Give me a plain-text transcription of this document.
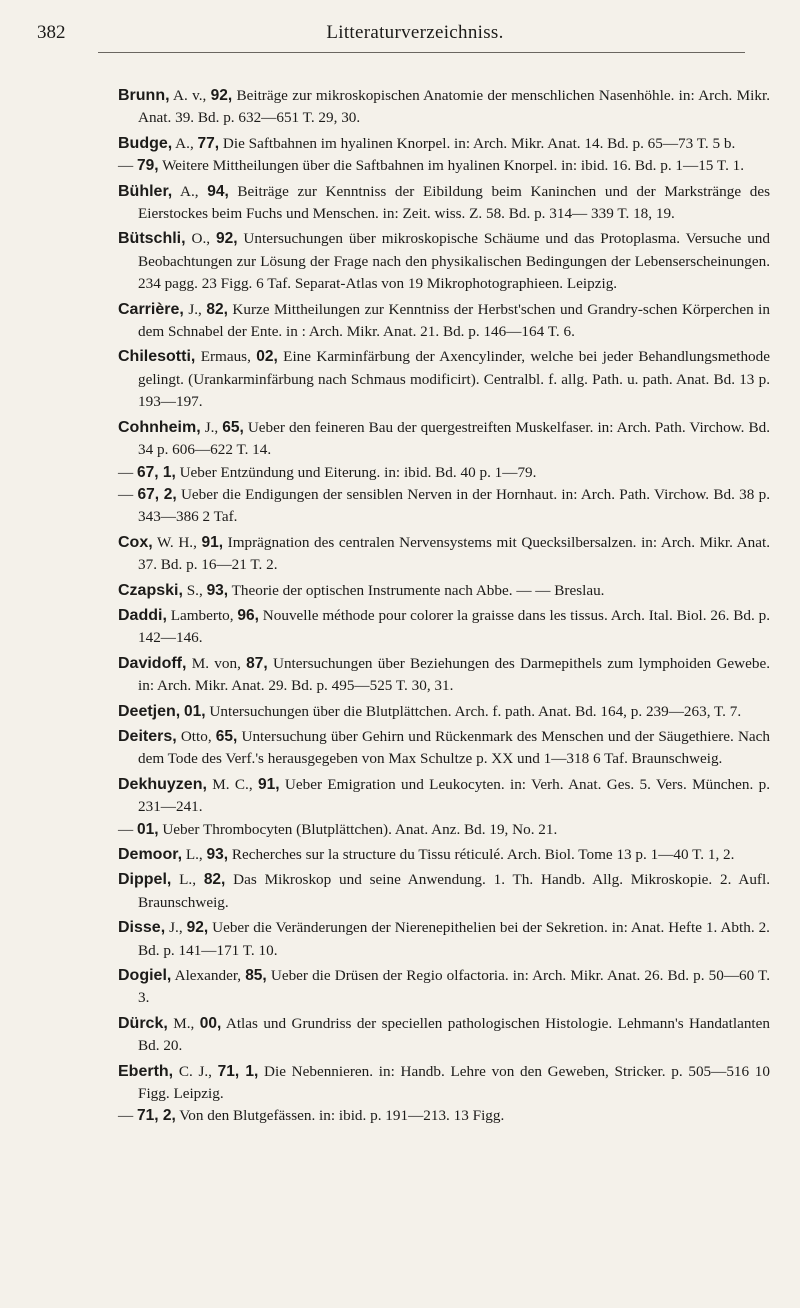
382	Litteraturverzeichniss.

Brunn, A. v., 92, Beiträge zur mikroskopischen Anatomie der menschlichen Nasenhöhle. in: Arch. Mikr. Anat. 39. Bd. p. 632—651 T. 29, 30.

Budge, A., 77, Die Saftbahnen im hyalinen Knorpel. in: Arch. Mikr. Anat. 14. Bd. p. 65—73 T. 5 b.

— 79, Weitere Mittheilungen über die Saftbahnen im hyalinen Knorpel. in: ibid. 16. Bd. p. 1—15 T. 1.

Bühler, A., 94, Beiträge zur Kenntniss der Eibildung beim Kaninchen und der Markstränge des Eierstockes beim Fuchs und Menschen. in: Zeit. wiss. Z. 58. Bd. p. 314— 339 T. 18, 19.

Bütschli, O., 92, Untersuchungen über mikroskopische Schäume und das Protoplasma. Versuche und Beobachtungen zur Lösung der Frage nach den physikalischen Bedingungen der Lebenserscheinungen. 234 pagg. 23 Figg. 6 Taf. Separat-Atlas von 19 Mikrophotographieen. Leipzig.

Carrière, J., 82, Kurze Mittheilungen zur Kenntniss der Herbst'schen und Grandry-schen Körperchen in dem Schnabel der Ente. in : Arch. Mikr. Anat. 21. Bd. p. 146—164 T. 6.

Chilesotti, Ermaus, 02, Eine Karminfärbung der Axencylinder, welche bei jeder Behandlungsmethode gelingt. (Urankarminfärbung nach Schmaus modificirt). Centralbl. f. allg. Path. u. path. Anat. Bd. 13 p. 193—197.

Cohnheim, J., 65, Ueber den feineren Bau der quergestreiften Muskelfaser. in: Arch. Path. Virchow. Bd. 34 p. 606—622 T. 14.

— 67, 1, Ueber Entzündung und Eiterung. in: ibid. Bd. 40 p. 1—79.

— 67, 2, Ueber die Endigungen der sensiblen Nerven in der Hornhaut. in: Arch. Path. Virchow. Bd. 38 p. 343—386 2 Taf.

Cox, W. H., 91, Imprägnation des centralen Nervensystems mit Quecksilbersalzen. in: Arch. Mikr. Anat. 37. Bd. p. 16—21 T. 2.

Czapski, S., 93, Theorie der optischen Instrumente nach Abbe. — — Breslau.

Daddi, Lamberto, 96, Nouvelle méthode pour colorer la graisse dans les tissus. Arch. Ital. Biol. 26. Bd. p. 142—146.

Davidoff, M. von, 87, Untersuchungen über Beziehungen des Darmepithels zum lymphoiden Gewebe. in: Arch. Mikr. Anat. 29. Bd. p. 495—525 T. 30, 31.

Deetjen, 01, Untersuchungen über die Blutplättchen. Arch. f. path. Anat. Bd. 164, p. 239—263, T. 7.

Deiters, Otto, 65, Untersuchung über Gehirn und Rückenmark des Menschen und der Säugethiere. Nach dem Tode des Verf.'s herausgegeben von Max Schultze p. XX und 1—318 6 Taf. Braunschweig.

Dekhuyzen, M. C., 91, Ueber Emigration und Leukocyten. in: Verh. Anat. Ges. 5. Vers. München. p. 231—241.

— 01, Ueber Thrombocyten (Blutplättchen). Anat. Anz. Bd. 19, No. 21.

Demoor, L., 93, Recherches sur la structure du Tissu réticulé. Arch. Biol. Tome 13 p. 1—40 T. 1, 2.

Dippel, L., 82, Das Mikroskop und seine Anwendung. 1. Th. Handb. Allg. Mikroskopie. 2. Aufl. Braunschweig.

Disse, J., 92, Ueber die Veränderungen der Nierenepithelien bei der Sekretion. in: Anat. Hefte 1. Abth. 2. Bd. p. 141—171 T. 10.

Dogiel, Alexander, 85, Ueber die Drüsen der Regio olfactoria. in: Arch. Mikr. Anat. 26. Bd. p. 50—60 T. 3.

Dürck, M., 00, Atlas und Grundriss der speciellen pathologischen Histologie. Lehmann's Handatlanten Bd. 20.

Eberth, C. J., 71, 1, Die Nebennieren. in: Handb. Lehre von den Geweben, Stricker. p. 505—516 10 Figg. Leipzig.

— 71, 2, Von den Blutgefässen. in: ibid. p. 191—213. 13 Figg.
